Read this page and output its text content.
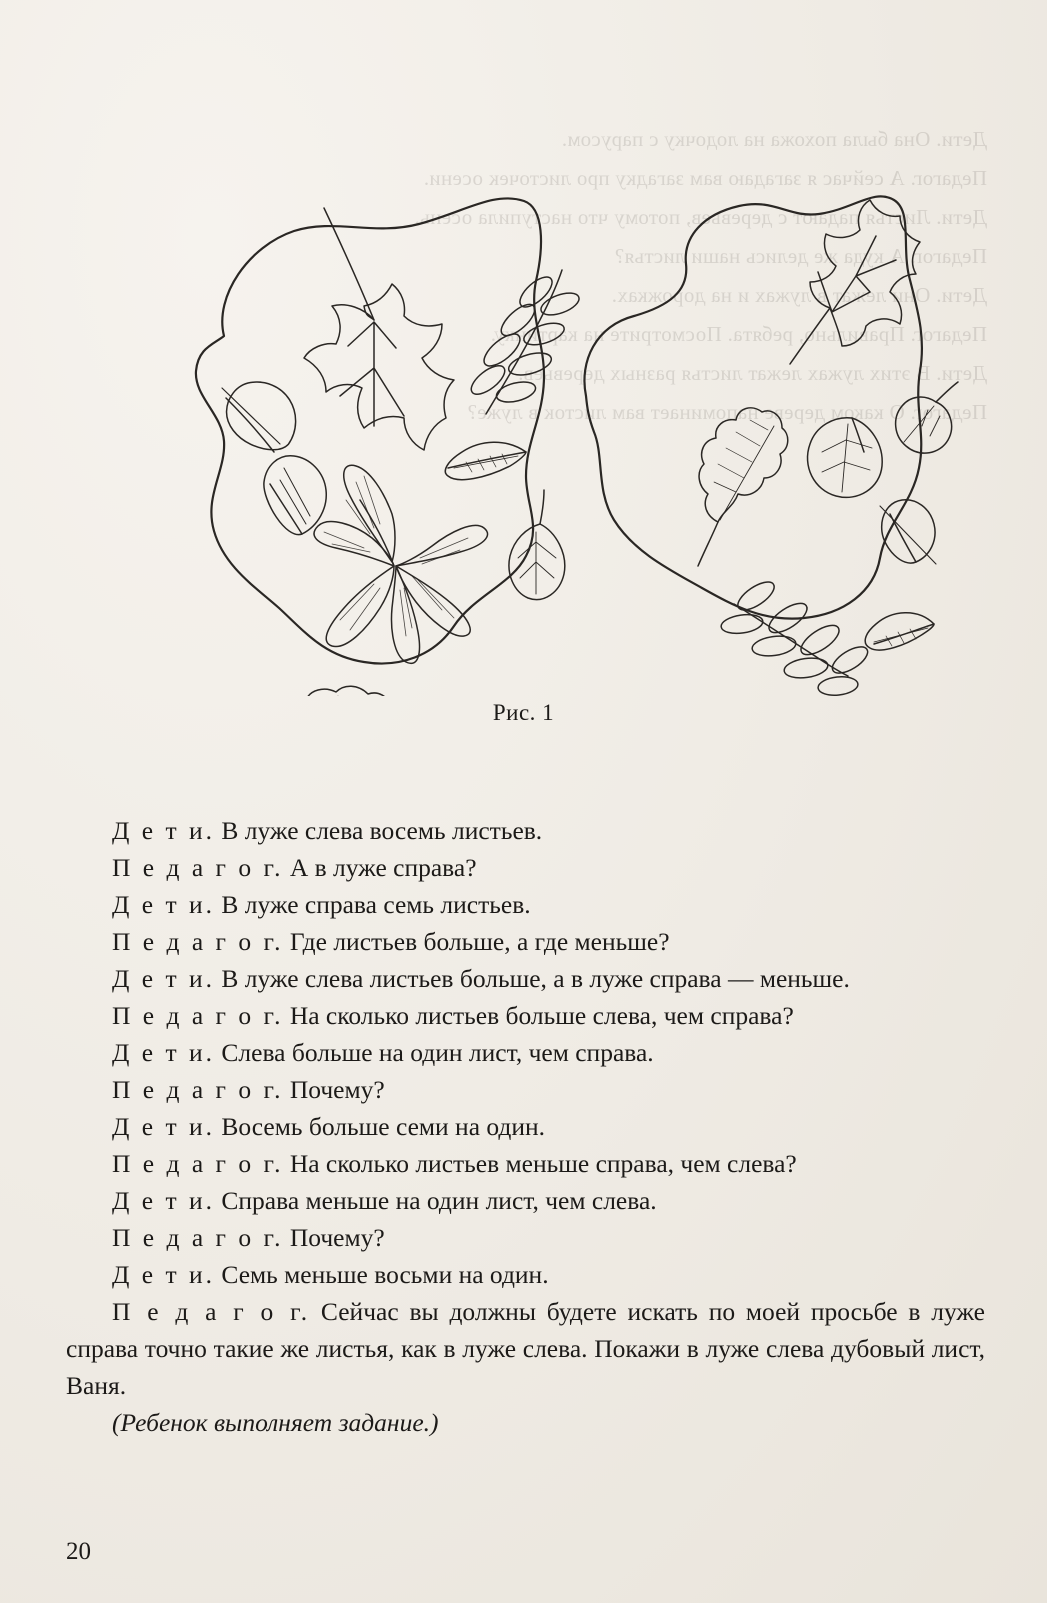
Рис. 1

Д е т и. В луже слева восемь листьев.

П е д а г о г. А в луже справа?

Д е т и. В луже справа семь листьев.

П е д а г о г. Где листьев больше, а где меньше?

Д е т и. В луже слева листьев больше, а в луже справа — меньше.

П е д а г о г. На сколько листьев больше слева, чем справа?

Д е т и. Слева больше на один лист, чем справа.

П е д а г о г. Почему?

Д е т и. Восемь больше семи на один.

П е д а г о г. На сколько листьев меньше справа, чем слева?

Д е т и. Справа меньше на один лист, чем слева.

П е д а г о г. Почему?

Д е т и. Семь меньше восьми на один.

П е д а г о г. Сейчас вы должны будете искать по моей просьбе в луже справа точно такие же листья, как в луже слева. Покажи в луже слева дубовый лист, Ваня.

(Ребенок выполняет задание.)

20
